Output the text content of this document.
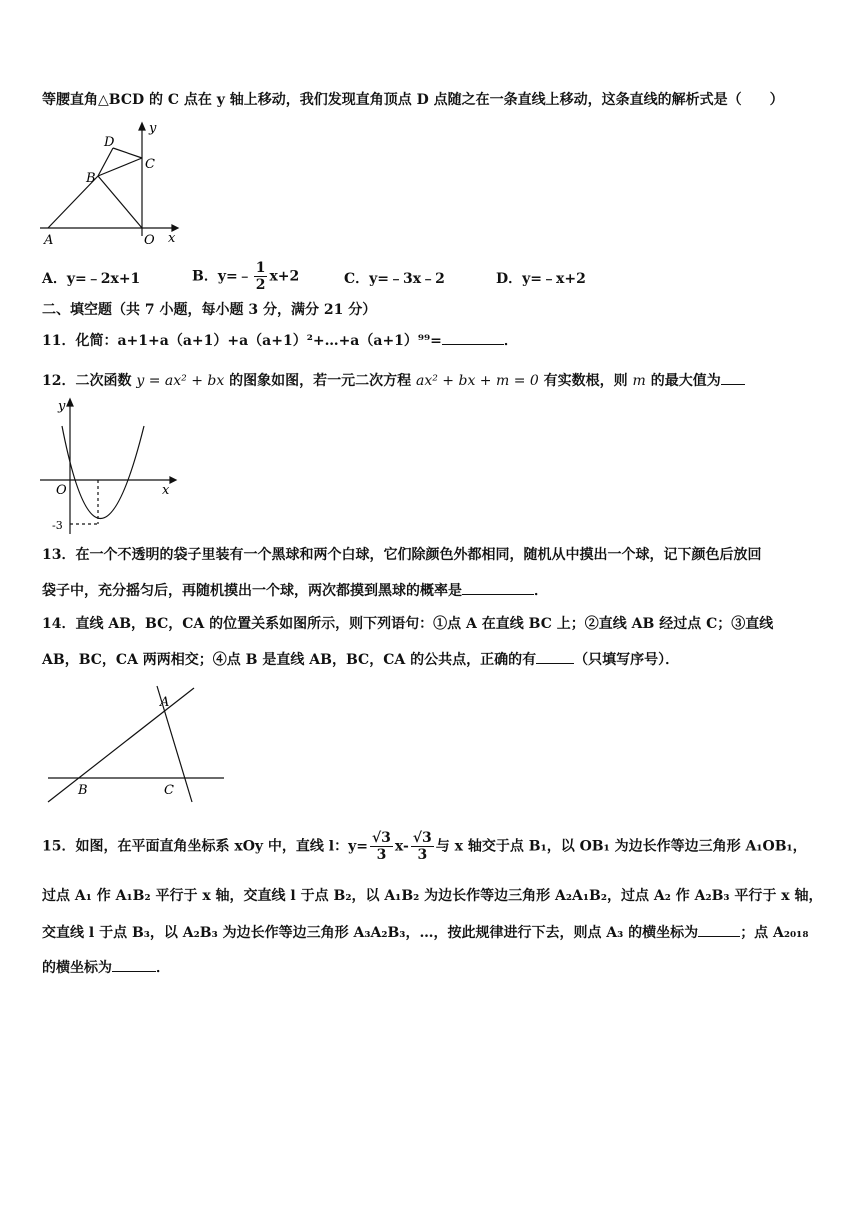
等腰直角△BCD 的 C 点在 y 轴上移动，我们发现直角顶点 D 点随之在一条直线上移动，这条直线的解析式是（　　）
D
y
C
B
A	O x
A．y=﹣2x+1	B．y=﹣ $\frac{1}{2} x+2$	C．y=﹣3x﹣2	D．y=﹣x+2
二、填空题（共 7 小题，每小题 3 分，满分 21 分）
11．化简：a+1+a（a+1）+a（a+1）²+…+a（a+1）⁹⁹=	．
12．二次函数 y = ax² + bx 的图象如图，若一元二次方程 ax² + bx + m = 0 有实数根，则 m 的最大值为
y
O	x
-3
13．在一个不透明的袋子里装有一个黑球和两个白球，它们除颜色外都相同，随机从中摸出一个球，记下颜色后放回
袋子中，充分摇匀后，再随机摸出一个球，两次都摸到黑球的概率是	．
14．直线 AB，BC，CA 的位置关系如图所示，则下列语句：①点 A 在直线 BC 上；②直线 AB 经过点 C；③直线
AB，BC，CA 两两相交；④点 B 是直线 AB，BC，CA 的公共点，正确的有	（只填写序号）．
A
B	C
15．如图，在平面直角坐标系 xOy 中，直线 l：$y= \frac{√3}{3} x- \frac{√3}{3}$ 与 x 轴交于点 B₁，以 OB₁ 为边长作等边三角形 A₁OB₁，
过点 A₁ 作 A₁B₂ 平行于 x 轴，交直线 l 于点 B₂，以 A₁B₂ 为边长作等边三角形 A₂A₁B₂，过点 A₂ 作 A₂B₃ 平行于 x 轴，
交直线 l 于点 B₃，以 A₂B₃ 为边长作等边三角形 A₃A₂B₃，…，按此规律进行下去，则点 A₃ 的横坐标为	；点 A₂₀₁₈
的横坐标为	．
